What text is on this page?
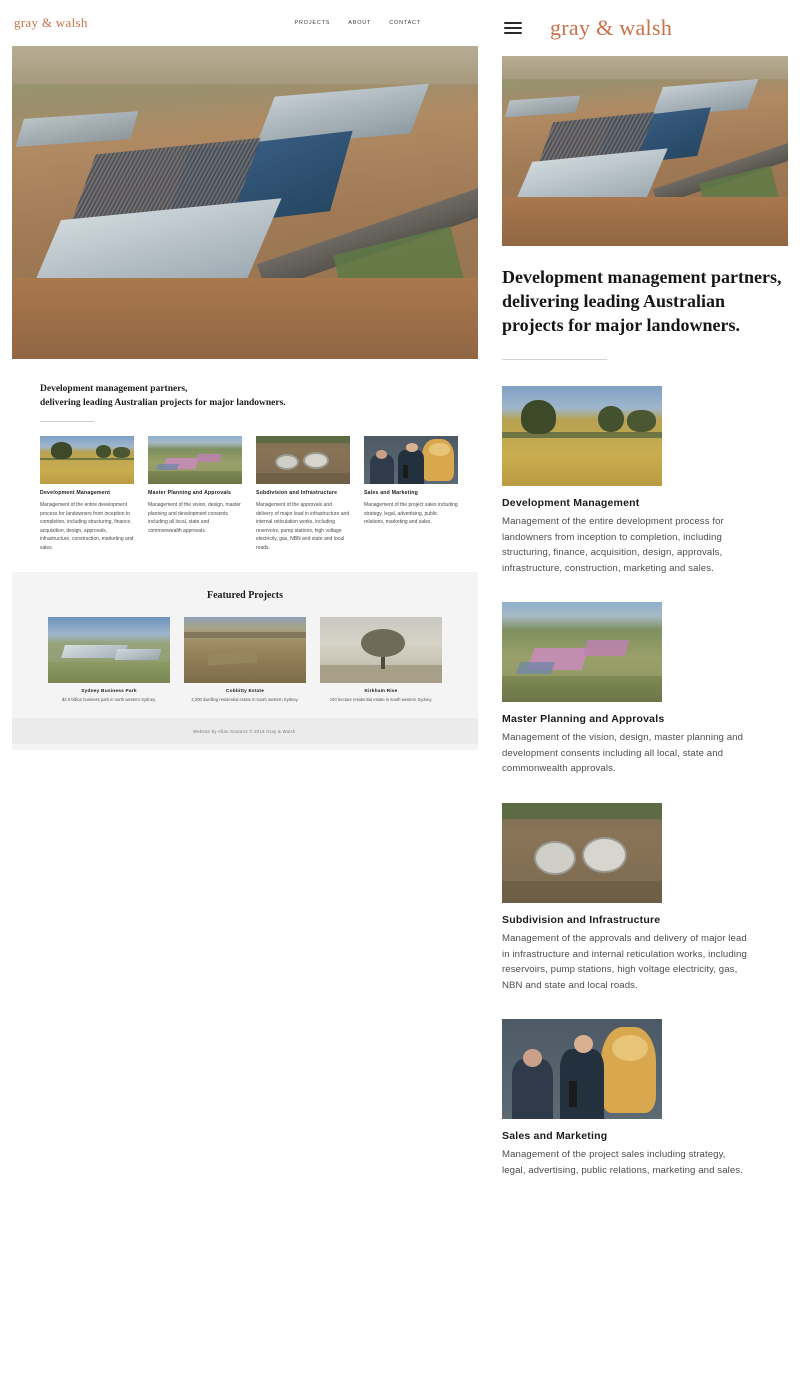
gray & walsh	PROJECTS	ABOUT	CONTACT
Development management partners,
delivering leading Australian projects for major landowners.
Development Management
Management of the entire development process for landowners from inception to completion, including structuring, finance, acquisition, design, approvals, infrastructure, construction, marketing and sales.
Master Planning and Approvals
Management of the vision, design, master planning and development consents including all local, state and commonwealth approvals.
Subdivision and Infrastructure
Management of the approvals and delivery of major lead in infrastructure and internal reticulation works, including reservoirs, pump stations, high voltage electricity, gas, NBN and state and local roads.
Sales and Marketing
Management of the project sales including strategy, legal, advertising, public relations, marketing and sales.
Featured Projects
Sydney Business Park
$2.9 billion business park in north western Sydney.
Cobbitty Estate
2,300 dwelling residential estate in south western Sydney.
Kirkham Rise
100 hectare residential estate in south western Sydney.
Website by Allan Soutaris © 2016 Gray & Walsh.
gray & walsh
Development management partners, delivering leading Australian projects for major landowners.
Development Management
Management of the entire development process for landowners from inception to completion, including structuring, finance, acquisition, design, approvals, infrastructure, construction, marketing and sales.
Master Planning and Approvals
Management of the vision, design, master planning and development consents including all local, state and commonwealth approvals.
Subdivision and Infrastructure
Management of the approvals and delivery of major lead in infrastructure and internal reticulation works, including reservoirs, pump stations, high voltage electricity, gas, NBN and state and local roads.
Sales and Marketing
Management of the project sales including strategy, legal, advertising, public relations, marketing and sales.
